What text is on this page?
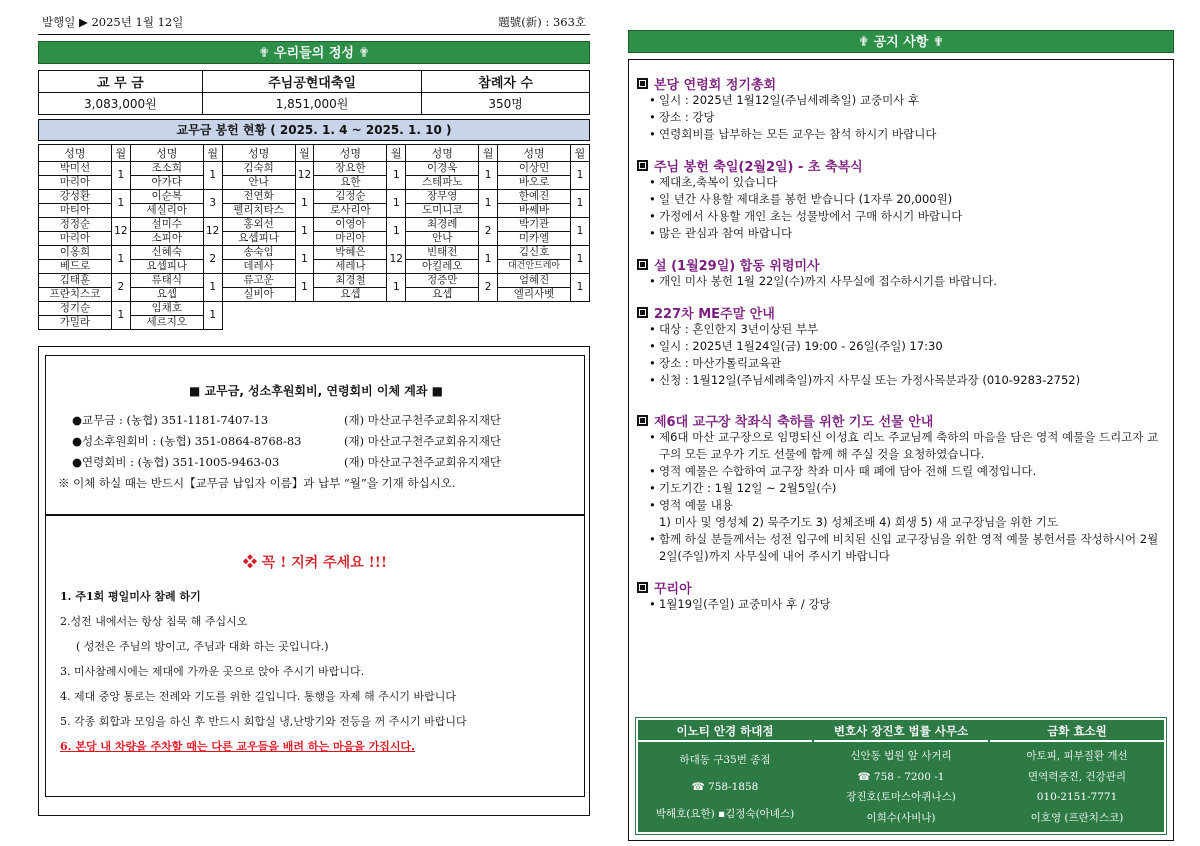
발행일 ▶ 2025년 1월 12일	題號(新) : 363호
✟ 우리들의 정성 ✟
교 무 금	주님공현대축일	참례자 수
3,083,000원	1,851,000원	350명
교무금 봉헌 현황 ( 2025. 1. 4 ~ 2025. 1. 10 )
성명	월	성명	월	성명	월	성명	월	성명	월	성명	월
박미선	1	조소희	1	김숙희	12	장요한	1	이경욱	1	이상민	1
마리아		아가다		안나		요한		스테파노		바오로	
강성환	1	이순복	3	전연화	1	김정순	1	장무영	1	한예진	1
마티아		세실리아		펠리치타스		로사리아		도미니코		바쎄바	
정정순	12	설미수	12	홍외선	1	이영아	1	최경례	2	박기관	1
마리아		소피아		요셉피나		마리아		안나		미카엘	
이옹희	1	신혜숙	2	송숙임	1	박혜은	12	빈태전	1	김신호	1
베드로		요셉피나		데레사		세레나		아킬레오		대건안드레아	
김태훈	2	류태식	1	류고운	1	최경철	1	정증만	2	엄혜진	1
프란치스코		요셉		실비아		요셉		요셉		엘리사벳	
정기순	1	임채호	1								
가밀라		세르지오									
■ 교무금, 성소후원회비, 연령회비 이체 계좌 ■
●교무금 : (농협) 351-1181-7407-13	(재) 마산교구천주교회유지재단
●성소후원회비 : (농협) 351-0864-8768-83	(재) 마산교구천주교회유지재단
●연령회비 : (농협) 351-1005-9463-03	(재) 마산교구천주교회유지재단
※ 이체 하실 때는 반드시【교무금 납입자 이름】과 납부 “월”을 기재 하십시오.
❖ 꼭 ! 지켜 주세요 !!!
1. 주1회 평일미사 참례 하기
2.성전 내에서는 항상 침묵 해 주십시오
( 성전은 주님의 방이고, 주님과 대화 하는 곳입니다.)
3. 미사참례시에는 제대에 가까운 곳으로 앉아 주시기 바랍니다.
4. 제대 중앙 통로는 전례와 기도를 위한 길입니다. 통행을 자제 해 주시기 바랍니다
5. 각종 회합과 모임을 하신 후 반드시 회합실 냉,난방기와 전등을 꺼 주시기 바랍니다
6. 본당 내 차량을 주차할 때는 다른 교우들을 배려 하는 마음을 가집시다.
✟ 공지 사항 ✟
본당 연령회 정기총회
• 일시 : 2025년 1월12일(주님세례축일) 교중미사 후
• 장소 : 강당
• 연령회비를 납부하는 모든 교우는 참석 하시기 바랍니다
주님 봉헌 축일(2월2일) - 초 축복식
• 제대초,축복이 있습니다
• 일 년간 사용할 제대초를 봉헌 받습니다 (1자루 20,000원)
• 가정에서 사용할 개인 초는 성물방에서 구매 하시기 바랍니다
• 많은 관심과 참여 바랍니다
설 (1월29일) 합동 위령미사
• 개인 미사 봉헌 1월 22일(수)까지 사무실에 접수하시기를 바랍니다.
227차 ME주말 안내
• 대상 : 혼인한지 3년이상된 부부
• 일시 : 2025년 1월24일(금) 19:00 - 26일(주일) 17:30
• 장소 : 마산가톨릭교육관
• 신청 : 1월12일(주님세례축일)까지 사무실 또는 가정사목분과장 (010-9283-2752)
제6대 교구장 착좌식 축하를 위한 기도 선물 안내
• 제6대 마산 교구장으로 임명되신 이성효 리노 주교님께 축하의 마음을 담은 영적 예물을 드리고자 교구의 모든 교우가 기도 선물에 함께 해 주실 것을 요청하였습니다.
• 영적 예물은 수합하여 교구장 착좌 미사 때 폐에 담아 전해 드릴 예정입니다.
• 기도기간 : 1월 12일 ~ 2월5일(수)
• 영적 예물 내용
1) 미사 및 영성체 2) 묵주기도 3) 성체조배 4) 희생 5) 새 교구장님을 위한 기도
• 함께 하실 분들께서는 성전 입구에 비치된 신입 교구장님을 위한 영적 예물 봉헌서를 작성하시어 2월2일(주일)까지 사무실에 내어 주시기 바랍니다
꾸리아
• 1월19일(주일) 교중미사 후 / 강당
이노티 안경 하대점
하대동 구35번 종점
☎ 758-1858
박해호(요한) ▪김정숙(아녜스)
변호사 장진호 법률 사무소
신안동 법원 앞 사거리
☎ 758 - 7200 -1
장진호(토마스아퀴나스)
이희수(사비나)
금화 효소원
아토피, 피부질환 개선
면역력증진, 건강관리
010-2151-7771
이호영 (프란치스코)
